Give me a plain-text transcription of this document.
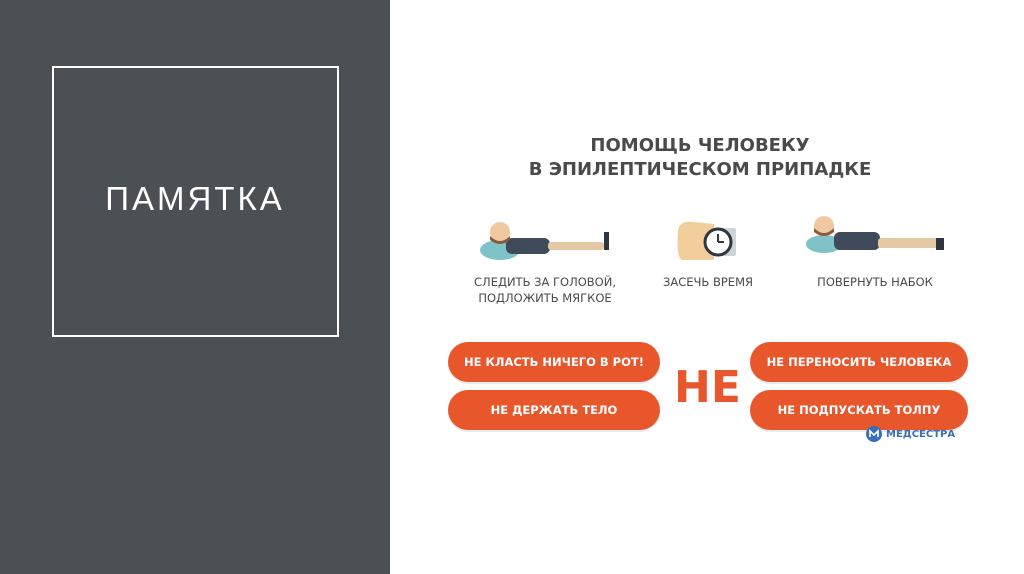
ПАМЯТКА
ПОМОЩЬ ЧЕЛОВЕКУ
В ЭПИЛЕПТИЧЕСКОМ ПРИПАДКЕ
СЛЕДИТЬ ЗА ГОЛОВОЙ,
ПОДЛОЖИТЬ МЯГКОЕ
ЗАСЕЧЬ ВРЕМЯ	ПОВЕРНУТЬ НАБОК
НЕ КЛАСТЬ НИЧЕГО В РОТ!
НЕ ДЕРЖАТЬ ТЕЛО	НЕ	НЕ ПЕРЕНОСИТЬ ЧЕЛОВЕКА
НЕ ПОДПУСКАТЬ ТОЛПУ
МЕДСЕСТРА
